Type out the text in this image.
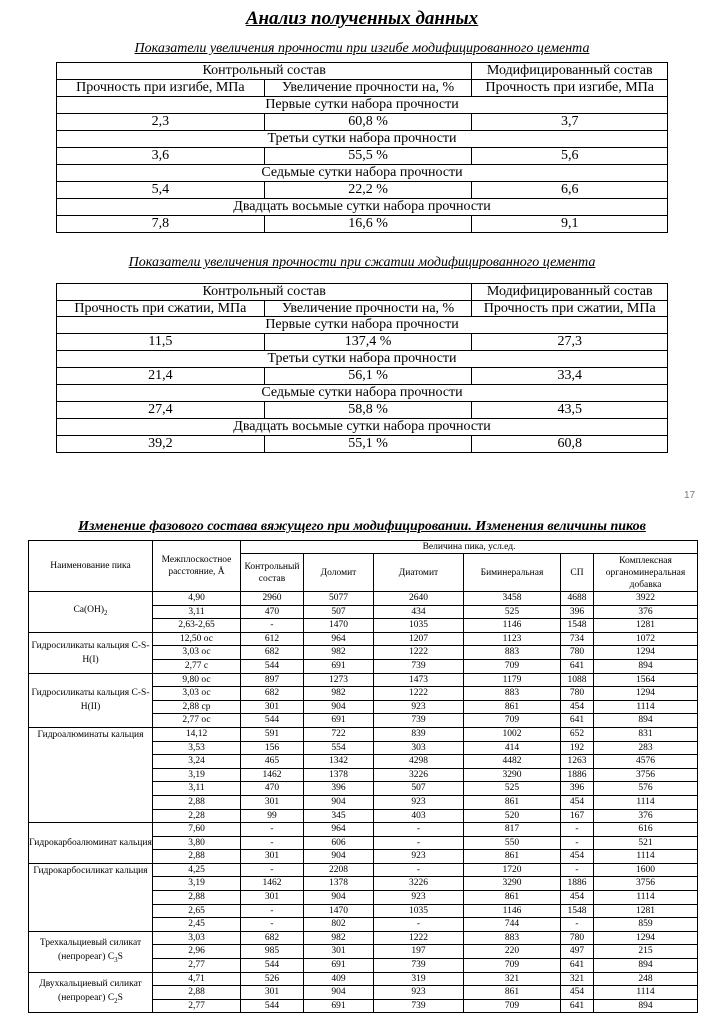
Анализ полученных данных
Показатели увеличения прочности при изгибе модифицированного цемента
Контрольный состав		Модифицированный состав
Прочность при изгибе, МПа	Увеличение прочности на, %	Прочность при изгибе, МПа
Первые сутки набора прочности		
2,3	60,8 %	3,7
Третьи сутки набора прочности		
3,6	55,5 %	5,6
Седьмые сутки набора прочности		
5,4	22,2 %	6,6
Двадцать восьмые сутки набора прочности		
7,8	16,6 %	9,1
Показатели увеличения прочности при сжатии модифицированного цемента
Контрольный состав		Модифицированный состав
Прочность при сжатии, МПа	Увеличение прочности на, %	Прочность при сжатии, МПа
Первые сутки набора прочности		
11,5	137,4 %	27,3
Третьи сутки набора прочности		
21,4	56,1 %	33,4
Седьмые сутки набора прочности		
27,4	58,8 %	43,5
Двадцать восьмые сутки набора прочности		
39,2	55,1 %	60,8
17
Изменение фазового состава вяжущего при модифицировании. Изменения величины пиков
Наименование пика	Межплоскостное расстояние, Å	Величина пика, усл.ед.					
		Контрольный состав	Доломит	Диатомит	Биминеральная	СП	Комплексная органоминеральная добавка
$Ca(OH)_2$	4,90	2960	5077	2640	3458	4688	3922
	3,11	470	507	434	525	396	376
	2,63-2,65	-	1470	1035	1146	1548	1281
Гидросиликаты кальция C-S-H(I)	12,50 ос	612	964	1207	1123	734	1072
	3,03 ос	682	982	1222	883	780	1294
	2,77 с	544	691	739	709	641	894
Гидросиликаты кальция C-S-H(II)	9,80 ос	897	1273	1473	1179	1088	1564
	3,03 ос	682	982	1222	883	780	1294
	2,88 ср	301	904	923	861	454	1114
	2,77 ос	544	691	739	709	641	894
Гидроалюминаты кальция	14,12	591	722	839	1002	652	831
	3,53	156	554	303	414	192	283
	3,24	465	1342	4298	4482	1263	4576
	3,19	1462	1378	3226	3290	1886	3756
	3,11	470	396	507	525	396	576
	2,88	301	904	923	861	454	1114
	2,28	99	345	403	520	167	376
Гидрокарбоалюминат кальция	7,60	-	964	-	817	-	616
	3,80	-	606	-	550	-	521
	2,88	301	904	923	861	454	1114
Гидрокарбосиликат кальция	4,25	-	2208	-	1720	-	1600
	3,19	1462	1378	3226	3290	1886	3756
	2,88	301	904	923	861	454	1114
	2,65	-	1470	1035	1146	1548	1281
	2,45	-	802	-	744	-	859
Трехкальциевый силикат (непрореаг) $C_3S$	3,03	682	982	1222	883	780	1294
	2,96	985	301	197	220	497	215
	2,77	544	691	739	709	641	894
Двухкальциевый силикат (непрореаг) $C_2S$	4,71	526	409	319	321	321	248
	2,88	301	904	923	861	454	1114
	2,77	544	691	739	709	641	894
